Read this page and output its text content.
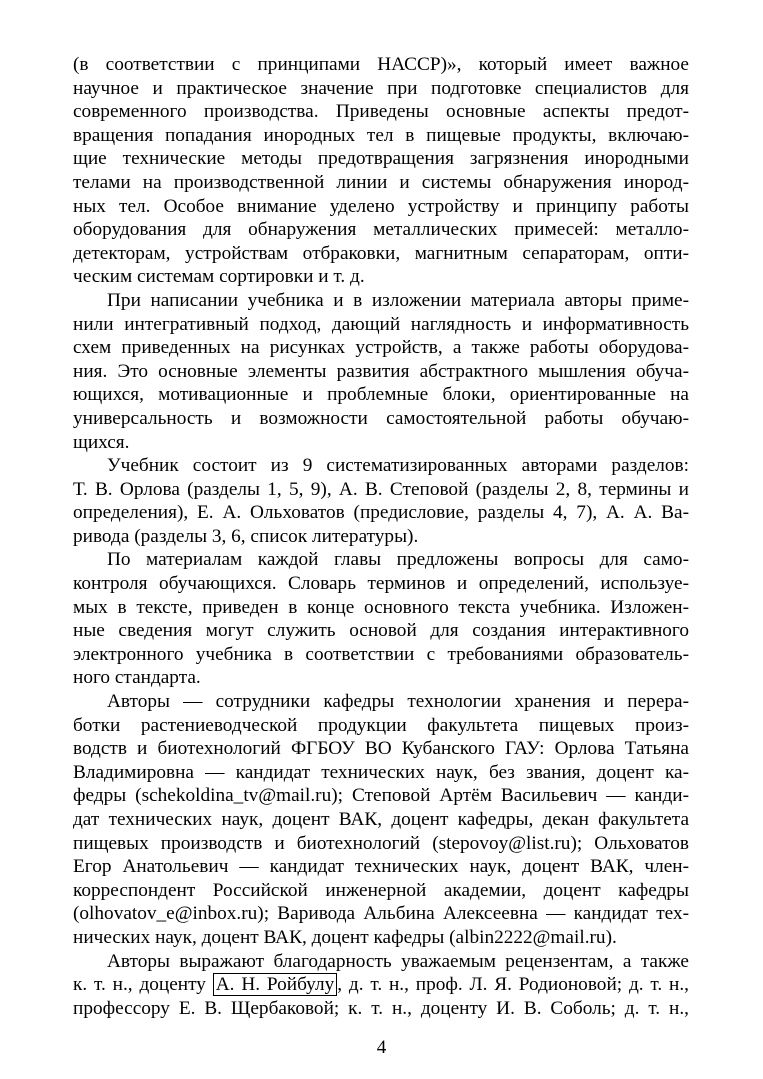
(в соответствии с принципами НАССР)», который имеет важное
научное и практическое значение при подготовке специалистов для
современного производства. Приведены основные аспекты предот-
вращения попадания инородных тел в пищевые продукты, включаю-
щие технические методы предотвращения загрязнения инородными
телами на производственной линии и системы обнаружения инород-
ных тел. Особое внимание уделено устройству и принципу работы
оборудования для обнаружения металлических примесей: металло-
детекторам, устройствам отбраковки, магнитным сепараторам, опти-
ческим системам сортировки и т. д.
При написании учебника и в изложении материала авторы приме-
нили интегративный подход, дающий наглядность и информативность
схем приведенных на рисунках устройств, а также работы оборудова-
ния. Это основные элементы развития абстрактного мышления обуча-
ющихся, мотивационные и проблемные блоки, ориентированные на
универсальность и возможности самостоятельной работы обучаю-
щихся.
Учебник состоит из 9 систематизированных авторами разделов:
Т. В. Орлова (разделы 1, 5, 9), А. В. Степовой (разделы 2, 8, термины и
определения), Е. А. Ольховатов (предисловие, разделы 4, 7), А. А. Ва-
ривода (разделы 3, 6, список литературы).
По материалам каждой главы предложены вопросы для само-
контроля обучающихся. Словарь терминов и определений, используе-
мых в тексте, приведен в конце основного текста учебника. Изложен-
ные сведения могут служить основой для создания интерактивного
электронного учебника в соответствии с требованиями образователь-
ного стандарта.
Авторы — сотрудники кафедры технологии хранения и перера-
ботки растениеводческой продукции факультета пищевых произ-
водств и биотехнологий ФГБОУ ВО Кубанского ГАУ: Орлова Татьяна
Владимировна — кандидат технических наук, без звания, доцент ка-
федры (schekoldina_tv@mail.ru); Степовой Артём Васильевич — канди-
дат технических наук, доцент ВАК, доцент кафедры, декан факультета
пищевых производств и биотехнологий (stepovoy@list.ru); Ольховатов
Егор Анатольевич — кандидат технических наук, доцент ВАК, член-
корреспондент Российской инженерной академии, доцент кафедры
(olhovatov_e@inbox.ru); Варивода Альбина Алексеевна — кандидат тех-
нических наук, доцент ВАК, доцент кафедры (albin2222@mail.ru).
Авторы выражают благодарность уважаемым рецензентам, а также
к. т. н., доценту А. Н. Ройбулу , д. т. н., проф. Л. Я. Родионовой; д. т. н.,
профессору Е. В. Щербаковой; к. т. н., доценту И. В. Соболь; д. т. н.,
4
